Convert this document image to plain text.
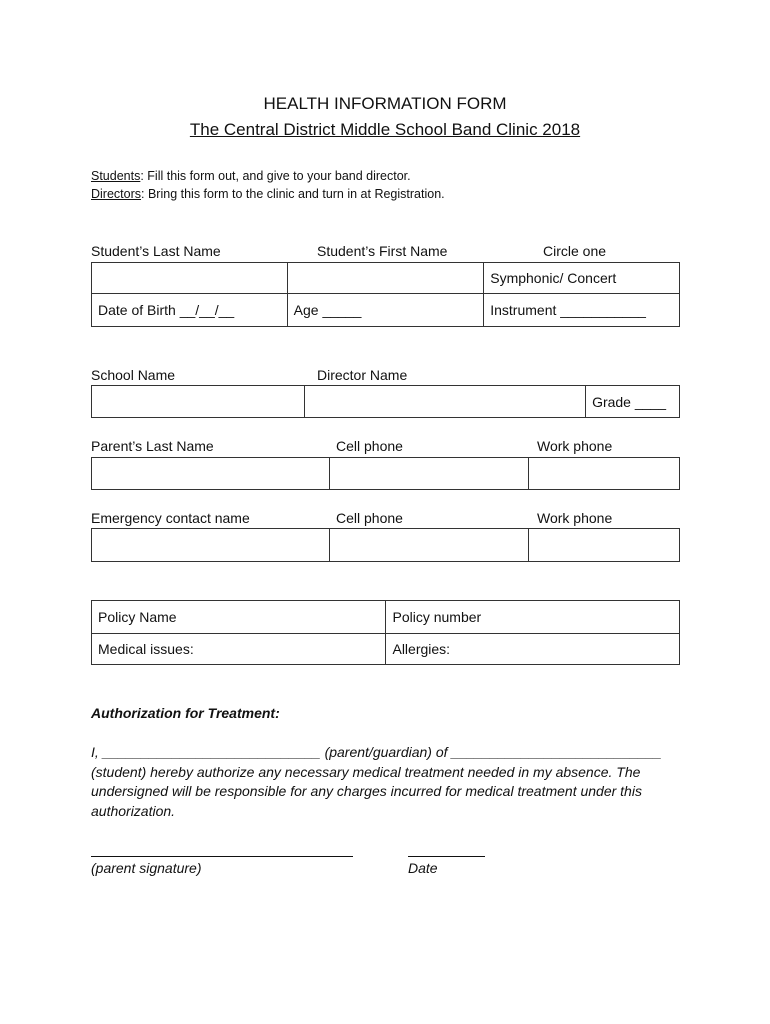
HEALTH INFORMATION FORM
The Central District Middle School Band Clinic 2018
Students: Fill this form out, and give to your band director.
Directors: Bring this form to the clinic and turn in at Registration.
Student’s Last Name	Student’s First Name	Circle one
		Symphonic/ Concert
Date of Birth __/__/__	Age _____	Instrument ___________
School Name	Director Name
		Grade ____
Parent’s Last Name	Cell phone	Work phone

Emergency contact name	Cell phone	Work phone

Policy Name	Policy number
Medical issues:	Allergies:
Authorization for Treatment:
I, ____________________________ (parent/guardian) of ___________________________
(student) hereby authorize any necessary medical treatment needed in my absence. The
undersigned will be responsible for any charges incurred for medical treatment under this
authorization.
(parent signature)	Date
